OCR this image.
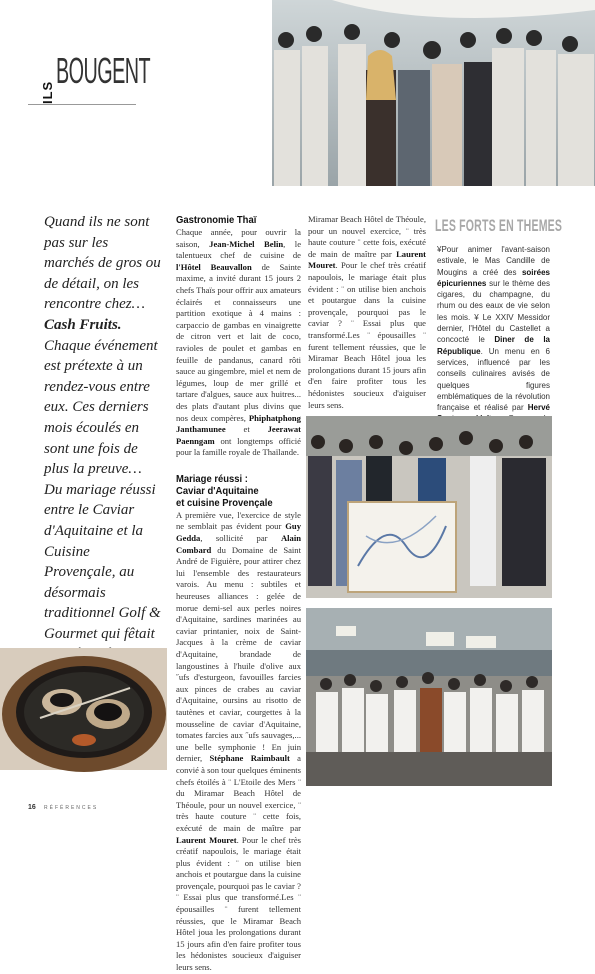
ILS
BOUGENT
Quand ils ne sont pas sur les marchés de gros ou de détail, on les rencontre chez… Cash Fruits. Chaque événement est prétexte à un rendez-vous entre eux. Ces derniers mois écoulés en sont une fois de plus la preuve… Du mariage réussi entre le Caviar d'Aquitaine et la Cuisine Provençale, au désormais traditionnel Golf & Gourmet qui fêtait
Gastronomie Thaï

Chaque année, pour ouvrir la saison, Jean-Michel Belin, le talentueux chef de cuisine de l'Hôtel Beauvallon de Sainte maxime, a invité durant 15 jours 2 chefs Thaïs pour offrir aux amateurs éclairés et connaisseurs une partition exotique à 4 mains : carpaccio de gambas en vinaigrette de citron vert et lait de coco, ravioles de poulet et gambas en feuille de pandanus, canard rôti sauce au gingembre, miel et nem de légumes, loup de mer grillé et tartare d'algues, sauce aux huitres... des plats d'autant plus divins que nos deux compères, Phiphatphong Janthamunee et Jeerawat Paenngam ont longtemps officié pour la famille royale de Thaïlande.

Mariage réussi :
Caviar d'Aquitaine
et cuisine Provençale

A première vue, l'exercice de style ne semblait pas évident pour Guy Gedda, sollicité par Alain Combard du Domaine de Saint André de Figuière, pour attirer chez lui l'ensemble des restaurateurs varois. Au menu : subtiles et heureuses alliances : gelée de morue demi-sel aux perles noires d'Aquitaine, sardines marinées au caviar printanier, noix de Saint-Jacques à la crème de caviar d'Aquitaine, brandade de langoustines à l'huile d'olive aux ˝ufs d'esturgeon, favouilles farcies aux pinces de crabes au caviar d'Aquitaine, oursins au risotto de tautènes et caviar, courgettes à la mousseline de caviar d'Aquitaine, tomates farcies aux ˝ufs sauvages,... une belle symphonie ! En juin dernier, Stéphane Raimbault a convié à son tour quelques éminents chefs étoilés à ¨ L'Etoile des Mers ¨ du Miramar Beach Hôtel de Théoule, pour un nouvel exercice, ¨ très haute couture ¨ cette fois, exécuté de main de maître par Laurent Mouret. Pour le chef très créatif napoulois, le mariage était plus évident : ¨ on utilise bien anchois et poutargue dans la cuisine provençale, pourquoi pas le caviar ? ¨ Essai plus que transformé.Les ¨ épousailles ¨ furent tellement réussies, que le Miramar Beach Hôtel joua les prolongations durant 15 jours afin d'en faire profiter tous les hédonistes soucieux d'aiguiser leurs sens.

Miramar Beach Hôtel de Théoule, pour un nouvel exercice, ¨ très haute couture ¨ cette fois, exécuté de main de maître par Laurent Mouret. Pour le chef très créatif napoulois, le mariage était plus évident : ¨ on utilise bien anchois et poutargue dans la cuisine provençale, pourquoi pas le caviar ? ¨ Essai plus que transformé.Les ¨ épousailles ¨ furent tellement réussies, que le Miramar Beach Hôtel joua les prolongations durant 15 jours afin d'en faire profiter tous les hédonistes soucieux d'aiguiser leurs sens.

LES FORTS EN THEMES

¥Pour animer l'avant-saison estivale, le Mas Candille de Mougins a créé des soirées épicuriennes sur le thème des cigares, du champagne, du rhum ou des eaux de vie selon les mois. ¥ Le XXIV Messidor dernier, l'Hôtel du Castellet a concocté le Diner de la République. Un menu en 6 services, influencé par les conseils culinaires avisés de quelques figures emblématiques de la révolution française et réalisé par Hervé

16 RÉFÉRENCES
